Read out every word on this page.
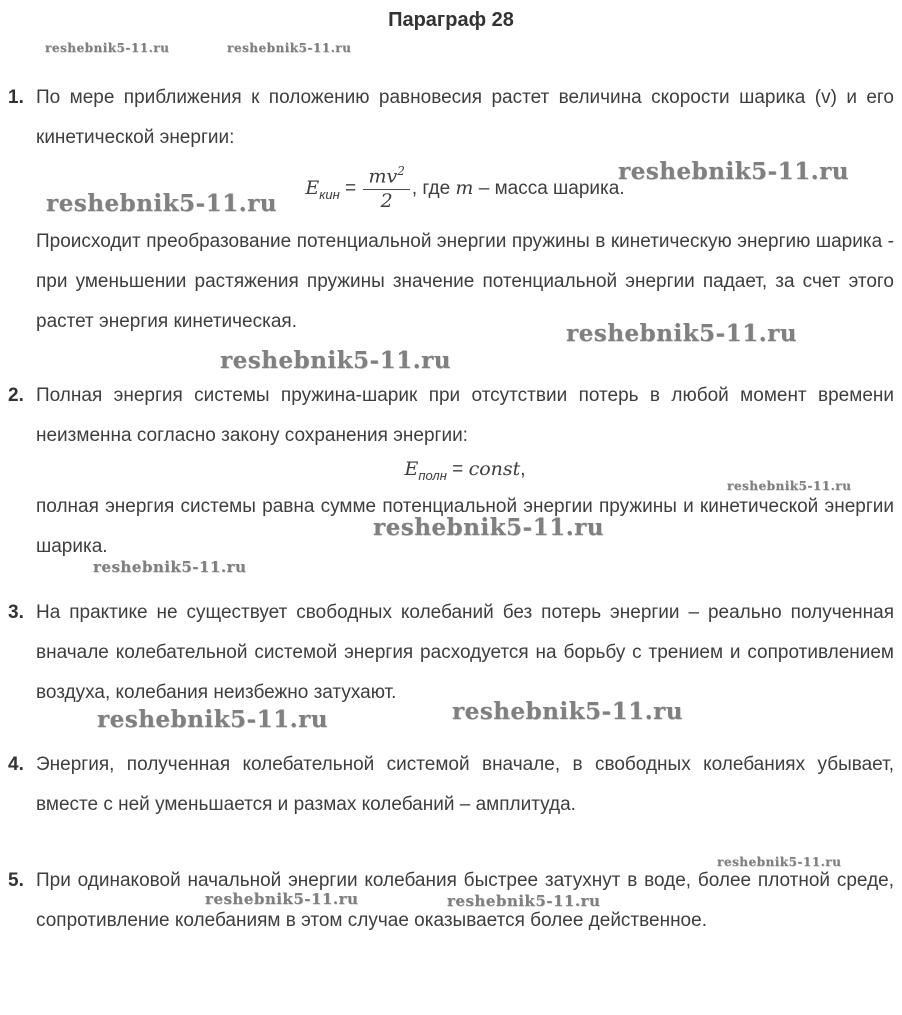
reshebnik5-11.ru	reshebnik5-11.ru
reshebnik5-11.ru
reshebnik5-11.ru
reshebnik5-11.ru
reshebnik5-11.ru
reshebnik5-11.ru
reshebnik5-11.ru
reshebnik5-11.ru
reshebnik5-11.ru
reshebnik5-11.ru
reshebnik5-11.ru
reshebnik5-11.ru	reshebnik5-11.ru
Параграф 28
1. По мере приближения к положению равновесия растет величина скорости шарика (v) и его кинетической энергии:

$E_{кин} = \frac{mv^2}{2}$ , где m – масса шарика.

Происходит преобразование потенциальной энергии пружины в кинетическую энергию шарика - при уменьшении растяжения пружины значение потенциальной энергии падает, за счет этого растет энергия кинетическая.

2. Полная энергия системы пружина-шарик при отсутствии потерь в любой момент времени неизменна согласно закону сохранения энергии:

$E_{полн}$ = const,

полная энергия системы равна сумме потенциальной энергии пружины и кинетической энергии шарика.

3. На практике не существует свободных колебаний без потерь энергии – реально полученная вначале колебательной системой энергия расходуется на борьбу с трением и сопротивлением воздуха, колебания неизбежно затухают.

4. Энергия, полученная колебательной системой вначале, в свободных колебаниях убывает, вместе с ней уменьшается и размах колебаний – амплитуда.

5. При одинаковой начальной энергии колебания быстрее затухнут в воде, более плотной среде, сопротивление колебаниям в этом случае оказывается более действенное.
